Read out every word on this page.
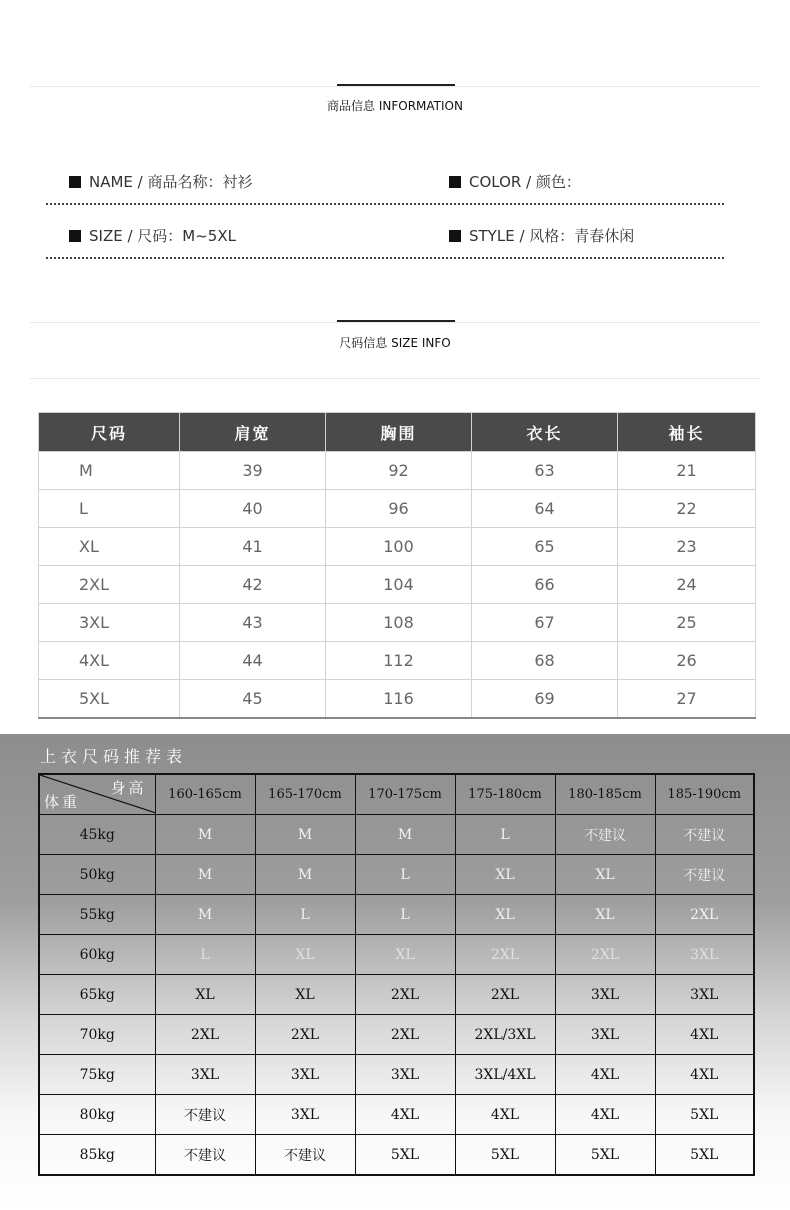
商品信息 INFORMATION
NAME / 商品名称：衬衫	COLOR / 颜色：
SIZE / 尺码：M~5XL	STYLE / 风格：青春休闲
尺码信息 SIZE INFO
尺码	肩宽	胸围	衣长	袖长
M	39	92	63	21
L	40	96	64	22
XL	41	100	65	23
2XL	42	104	66	24
3XL	43	108	67	25
4XL	44	112	68	26
5XL	45	116	69	27
上衣尺码推荐表
身高
体重	160-165cm	165-170cm	170-175cm	175-180cm	180-185cm	185-190cm
45kg	M	M	M	L	不建议	不建议
50kg	M	M	L	XL	XL	不建议
55kg	M	L	L	XL	XL	2XL
60kg	L	XL	XL	2XL	2XL	3XL
65kg	XL	XL	2XL	2XL	3XL	3XL
70kg	2XL	2XL	2XL	2XL/3XL	3XL	4XL
75kg	3XL	3XL	3XL	3XL/4XL	4XL	4XL
80kg	不建议	3XL	4XL	4XL	4XL	5XL
85kg	不建议	不建议	5XL	5XL	5XL	5XL
